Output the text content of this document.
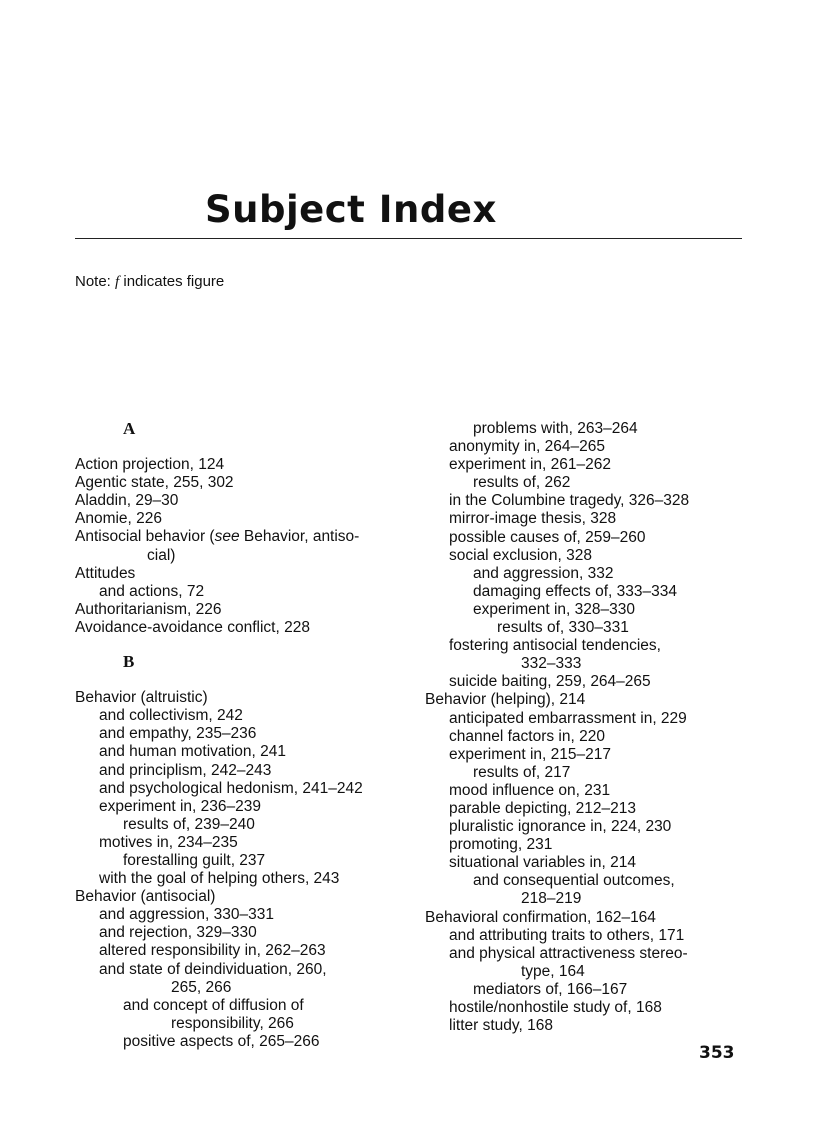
Subject Index
Note: f indicates figure
A
Action projection, 124
Agentic state, 255, 302
Aladdin, 29–30
Anomie, 226
Antisocial behavior (see Behavior, antiso-
cial)
Attitudes
and actions, 72
Authoritarianism, 226
Avoidance-avoidance conflict, 228
B
Behavior (altruistic)
and collectivism, 242
and empathy, 235–236
and human motivation, 241
and principlism, 242–243
and psychological hedonism, 241–242
experiment in, 236–239
results of, 239–240
motives in, 234–235
forestalling guilt, 237
with the goal of helping others, 243
Behavior (antisocial)
and aggression, 330–331
and rejection, 329–330
altered responsibility in, 262–263
and state of deindividuation, 260,
265, 266
and concept of diffusion of
responsibility, 266
positive aspects of, 265–266
problems with, 263–264
anonymity in, 264–265
experiment in, 261–262
results of, 262
in the Columbine tragedy, 326–328
mirror-image thesis, 328
possible causes of, 259–260
social exclusion, 328
and aggression, 332
damaging effects of, 333–334
experiment in, 328–330
results of, 330–331
fostering antisocial tendencies,
332–333
suicide baiting, 259, 264–265
Behavior (helping), 214
anticipated embarrassment in, 229
channel factors in, 220
experiment in, 215–217
results of, 217
mood influence on, 231
parable depicting, 212–213
pluralistic ignorance in, 224, 230
promoting, 231
situational variables in, 214
and consequential outcomes,
218–219
Behavioral confirmation, 162–164
and attributing traits to others, 171
and physical attractiveness stereo-
type, 164
mediators of, 166–167
hostile/nonhostile study of, 168
litter study, 168
353
